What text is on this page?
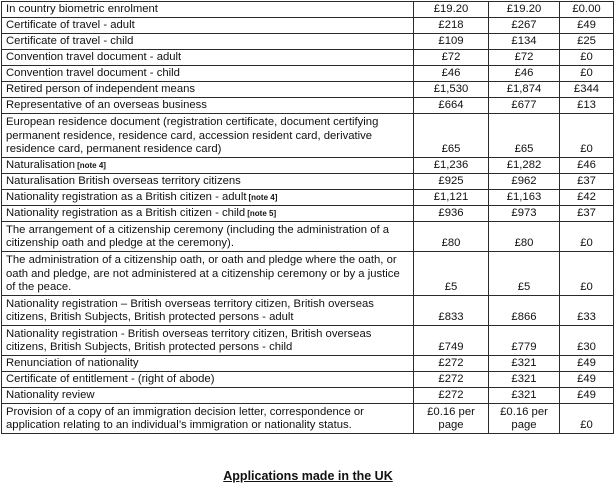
In country biometric enrolment	£19.20	£19.20	£0.00
Certificate of travel - adult	£218	£267	£49
Certificate of travel - child	£109	£134	£25
Convention travel document - adult	£72	£72	£0
Convention travel document - child	£46	£46	£0
Retired person of independent means	£1,530	£1,874	£344
Representative of an overseas business	£664	£677	£13
European residence document (registration certificate, document certifying permanent residence, residence card, accession resident card, derivative residence card, permanent residence card)	£65	£65	£0
Naturalisation [note 4]	£1,236	£1,282	£46
Naturalisation British overseas territory citizens	£925	£962	£37
Nationality registration as a British citizen - adult [note 4]	£1,121	£1,163	£42
Nationality registration as a British citizen - child [note 5]	£936	£973	£37
The arrangement of a citizenship ceremony (including the administration of a citizenship oath and pledge at the ceremony).	£80	£80	£0
The administration of a citizenship oath, or oath and pledge where the oath, or oath and pledge, are not administered at a citizenship ceremony or by a justice of the peace.	£5	£5	£0
Nationality registration – British overseas territory citizen, British overseas citizens, British Subjects, British protected persons - adult	£833	£866	£33
Nationality registration - British overseas territory citizen, British overseas citizens, British Subjects, British protected persons - child	£749	£779	£30
Renunciation of nationality	£272	£321	£49
Certificate of entitlement - (right of abode)	£272	£321	£49
Nationality review	£272	£321	£49
Provision of a copy of an immigration decision letter, correspondence or application relating to an individual’s immigration or nationality status.	£0.16 per page	£0.16 per page	£0
Applications made in the UK
